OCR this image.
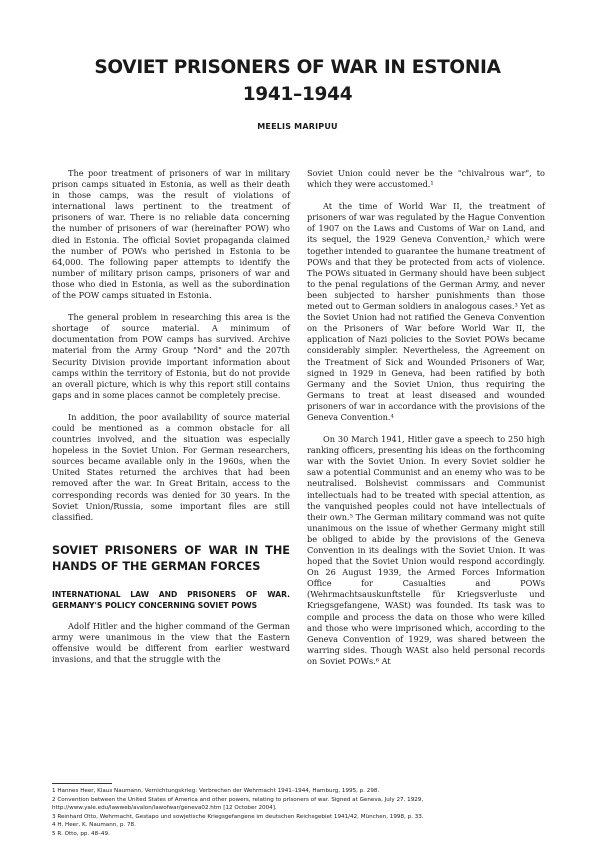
SOVIET PRISONERS OF WAR IN ESTONIA
1941–1944
MEELIS MARIPUU

The poor treatment of prisoners of war in military prison camps situated in Estonia, as well as their death in those camps, was the result of violations of international laws pertinent to the treatment of prisoners of war. There is no reliable data concerning the number of prisoners of war (hereinafter POW) who died in Estonia. The official Soviet propaganda claimed the number of POWs who perished in Estonia to be 64,000. The following paper attempts to identify the number of military prison camps, prisoners of war and those who died in Estonia, as well as the subordination of the POW camps situated in Estonia.

The general problem in researching this area is the shortage of source material. A minimum of documentation from POW camps has survived. Archive material from the Army Group "Nord" and the 207th Security Division provide important information about camps within the territory of Estonia, but do not provide an overall picture, which is why this report still contains gaps and in some places cannot be completely precise.

In addition, the poor availability of source material could be mentioned as a common obstacle for all countries involved, and the situation was especially hopeless in the Soviet Union. For German researchers, sources became available only in the 1960s, when the United States returned the archives that had been removed after the war. In Great Britain, access to the corresponding records was denied for 30 years. In the Soviet Union/Russia, some important files are still classified.

SOVIET PRISONERS OF WAR IN THE HANDS OF THE GERMAN FORCES
INTERNATIONAL LAW AND PRISONERS OF WAR. GERMANY'S POLICY CONCERNING SOVIET POWS

Adolf Hitler and the higher command of the German army were unanimous in the view that the Eastern offensive would be different from earlier westward invasions, and that the struggle with the

Soviet Union could never be the "chivalrous war", to which they were accustomed.¹

At the time of World War II, the treatment of prisoners of war was regulated by the Hague Convention of 1907 on the Laws and Customs of War on Land, and its sequel, the 1929 Geneva Convention,² which were together intended to guarantee the humane treatment of POWs and that they be protected from acts of violence. The POWs situated in Germany should have been subject to the penal regulations of the German Army, and never been subjected to harsher punishments than those meted out to German soldiers in analogous cases.³ Yet as the Soviet Union had not ratified the Geneva Convention on the Prisoners of War before World War II, the application of Nazi policies to the Soviet POWs became considerably simpler. Nevertheless, the Agreement on the Treatment of Sick and Wounded Prisoners of War, signed in 1929 in Geneva, had been ratified by both Germany and the Soviet Union, thus requiring the Germans to treat at least diseased and wounded prisoners of war in accordance with the provisions of the Geneva Convention.⁴

On 30 March 1941, Hitler gave a speech to 250 high ranking officers, presenting his ideas on the forthcoming war with the Soviet Union. In every Soviet soldier he saw a potential Communist and an enemy who was to be neutralised. Bolshevist commissars and Communist intellectuals had to be treated with special attention, as the vanquished peoples could not have intellectuals of their own.⁵ The German military command was not quite unanimous on the issue of whether Germany might still be obliged to abide by the provisions of the Geneva Convention in its dealings with the Soviet Union. It was hoped that the Soviet Union would respond accordingly. On 26 August 1939, the Armed Forces Information Office for Casualties and POWs (Wehrmachtsauskunftstelle für Kriegsverluste und Kriegsgefangene, WASt) was founded. Its task was to compile and process the data on those who were killed and those who were imprisoned which, according to the Geneva Convention of 1929, was shared between the warring sides. Though WASt also held personal records on Soviet POWs.⁶ At

1 Hannes Heer, Klaus Naumann, Vernichtungskrieg: Verbrechen der Wehrmacht 1941–1944, Hamburg, 1995, p. 298.
2 Convention between the United States of America and other powers, relating to prisoners of war. Signed at Geneva, July 27, 1929,
http://www.yale.edu/lawweb/avalon/lawofwar/geneva02.htm [12 October 2004].
3 Reinhard Otto, Wehrmacht, Gestapo und sowjetische Kriegsgefangene im deutschen Reichsgebiet 1941/42, München, 1998, p. 33.
4 H. Heer, K. Naumann, p. 78.
5 R. Otto, pp. 48–49.
